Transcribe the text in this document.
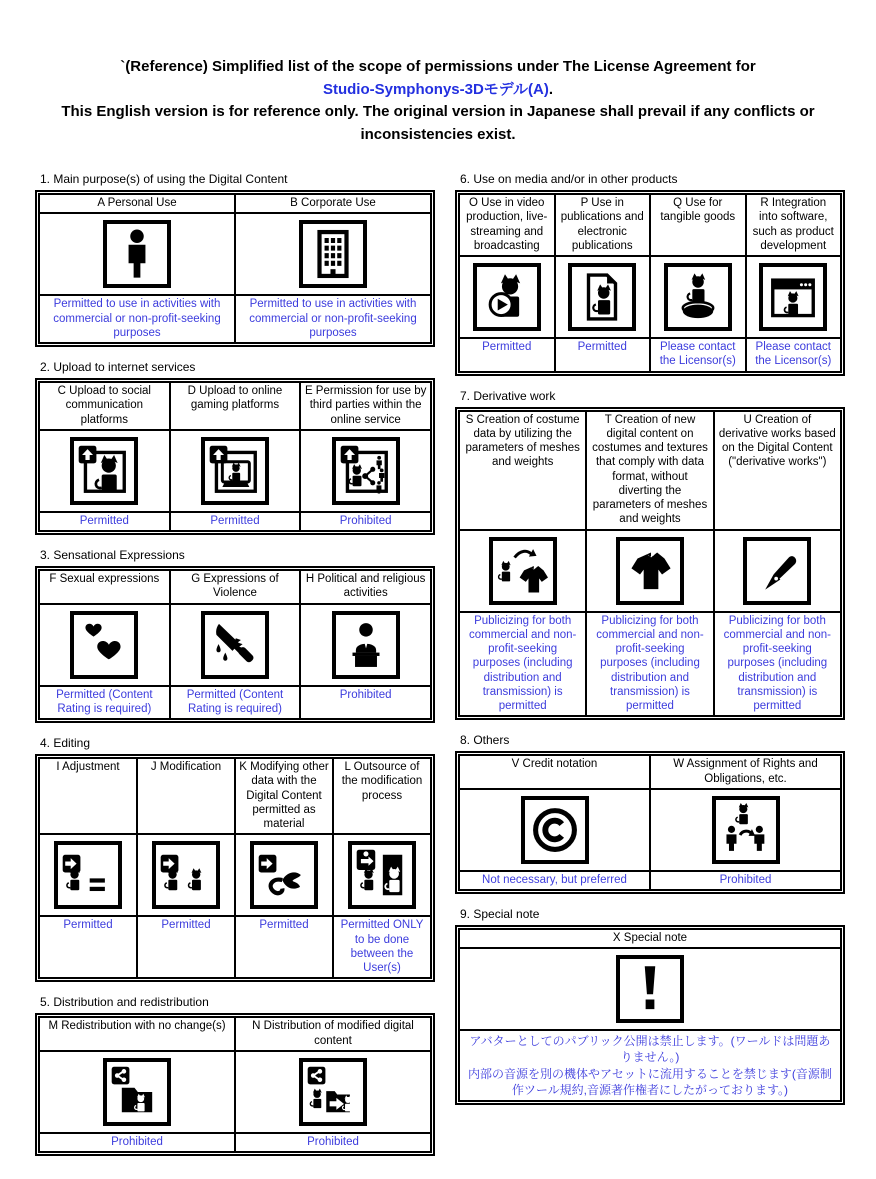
`(Reference) Simplified list of the scope of permissions under The License Agreement for
Studio-Symphonys-3Dモデル(A).
This English version is for reference only. The original version in Japanese shall prevail if any conflicts or inconsistencies exist.
1. Main purpose(s) of using the Digital Content
A Personal Use	B Corporate Use

Permitted to use in activities with commercial or non-profit-seeking purposes	Permitted to use in activities with commercial or non-profit-seeking purposes
2. Upload to internet services
C Upload to social communication platforms	D Upload to online gaming platforms	E Permission for use by third parties within the online service

Permitted	Permitted	Prohibited
3. Sensational Expressions
F Sexual expressions	G Expressions of Violence	H Political and religious activities

Permitted (Content Rating is required)	Permitted (Content Rating is required)	Prohibited
4. Editing
I Adjustment	J Modification	K Modifying other data with the Digital Content permitted as material	L Outsource of the modification process

Permitted	Permitted	Permitted	Permitted ONLY to be done between the User(s)
5. Distribution and redistribution
M Redistribution with no change(s)	N Distribution of modified digital content

Prohibited	Prohibited
6. Use on media and/or in other products
O Use in video production, live-streaming and broadcasting	P Use in publications and electronic publications	Q Use for tangible goods	R Integration into software, such as product development

Permitted	Permitted	Please contact the Licensor(s)	Please contact the Licensor(s)
7. Derivative work
S Creation of costume data by utilizing the parameters of meshes and weights	T Creation of new digital content on costumes and textures that comply with data format, without diverting the parameters of meshes and weights	U Creation of derivative works based on the Digital Content ("derivative works")

Publicizing for both commercial and non-profit-seeking purposes (including distribution and transmission) is permitted	Publicizing for both commercial and non-profit-seeking purposes (including distribution and transmission) is permitted	Publicizing for both commercial and non-profit-seeking purposes (including distribution and transmission) is permitted
8. Others
V Credit notation	W Assignment of Rights and Obligations, etc.

Not necessary, but preferred	Prohibited
9. Special note
X Special note

アバターとしてのパブリック公開は禁止します。(ワールドは問題ありません。)
内部の音源を別の機体やアセットに流用することを禁じます(音源制作ツール規約,音源著作権者にしたがっております。)
